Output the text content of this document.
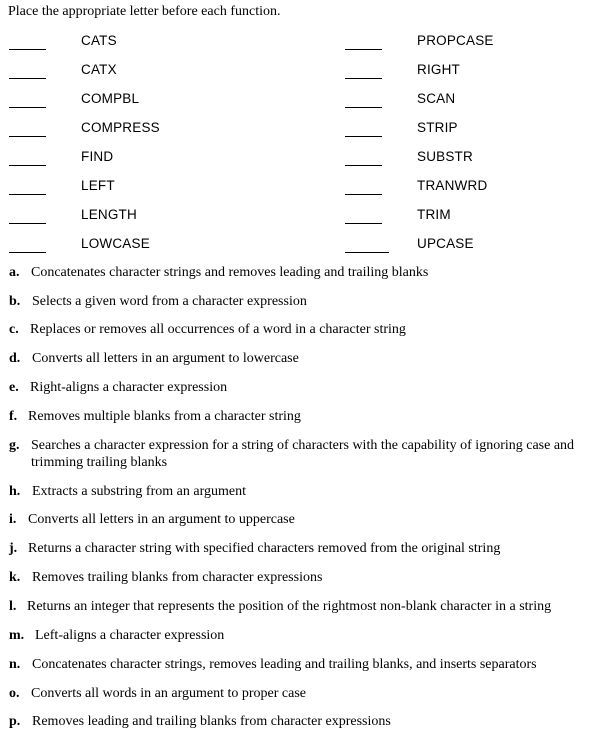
Place the appropriate letter before each function.
CATS	PROPCASE
CATX	RIGHT
COMPBL	SCAN
COMPRESS	STRIP
FIND	SUBSTR
LEFT	TRANWRD
LENGTH	TRIM
LOWCASE	UPCASE
a. Concatenates character strings and removes leading and trailing blanks
b. Selects a given word from a character expression
c. Replaces or removes all occurrences of a word in a character string
d. Converts all letters in an argument to lowercase
e. Right-aligns a character expression
f. Removes multiple blanks from a character string
g. Searches a character expression for a string of characters with the capability of ignoring case and trimming trailing blanks
h. Extracts a substring from an argument
i. Converts all letters in an argument to uppercase
j. Returns a character string with specified characters removed from the original string
k. Removes trailing blanks from character expressions
l. Returns an integer that represents the position of the rightmost non-blank character in a string
m. Left-aligns a character expression
n. Concatenates character strings, removes leading and trailing blanks, and inserts separators
o. Converts all words in an argument to proper case
p. Removes leading and trailing blanks from character expressions
